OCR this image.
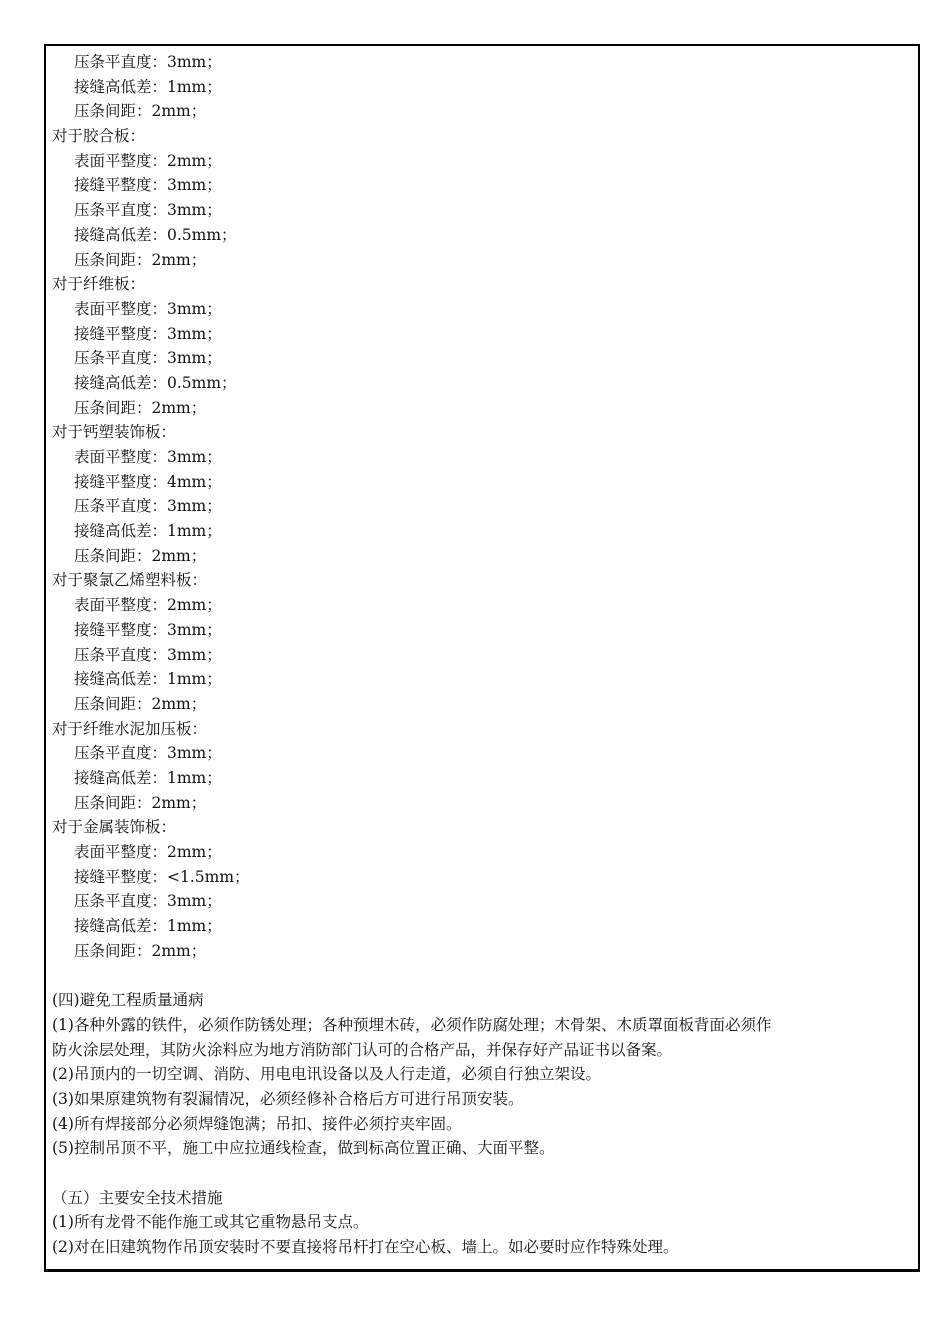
压条平直度：3mm；
接缝高低差：1mm；
压条间距：2mm；
对于胶合板：
表面平整度：2mm；
接缝平整度：3mm；
压条平直度：3mm；
接缝高低差：0.5mm；
压条间距：2mm；
对于纤维板：
表面平整度：3mm；
接缝平整度：3mm；
压条平直度：3mm；
接缝高低差：0.5mm；
压条间距：2mm；
对于钙塑装饰板：
表面平整度：3mm；
接缝平整度：4mm；
压条平直度：3mm；
接缝高低差：1mm；
压条间距：2mm；
对于聚氯乙烯塑料板：
表面平整度：2mm；
接缝平整度：3mm；
压条平直度：3mm；
接缝高低差：1mm；
压条间距：2mm；
对于纤维水泥加压板：
压条平直度：3mm；
接缝高低差：1mm；
压条间距：2mm；
对于金属装饰板：
表面平整度：2mm；
接缝平整度：<1.5mm；
压条平直度：3mm；
接缝高低差：1mm；
压条间距：2mm；
(四)避免工程质量通病
(1)各种外露的铁件，必须作防锈处理；各种预埋木砖，必须作防腐处理；木骨架、木质罩面板背面必须作
防火涂层处理，其防火涂料应为地方消防部门认可的合格产品，并保存好产品证书以备案。
(2)吊顶内的一切空调、消防、用电电讯设备以及人行走道，必须自行独立架设。
(3)如果原建筑物有裂漏情况，必须经修补合格后方可进行吊顶安装。
(4)所有焊接部分必须焊缝饱满；吊扣、接件必须拧夹牢固。
(5)控制吊顶不平，施工中应拉通线检查，做到标高位置正确、大面平整。
（五）主要安全技术措施
(1)所有龙骨不能作施工或其它重物悬吊支点。
(2)对在旧建筑物作吊顶安装时不要直接将吊杆打在空心板、墙上。如必要时应作特殊处理。
